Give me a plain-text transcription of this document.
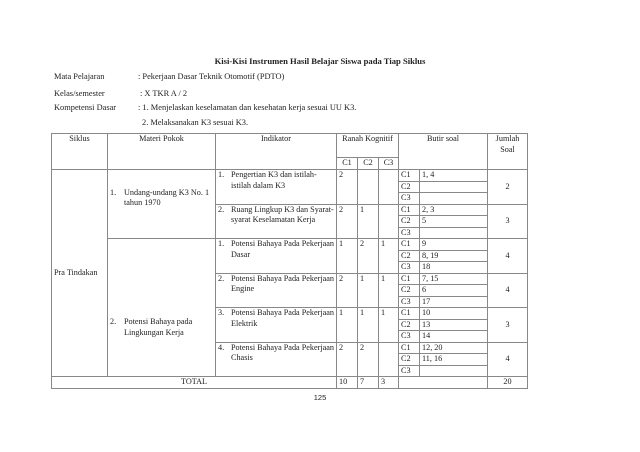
Kisi-Kisi Instrumen Hasil Belajar Siswa pada Tiap Siklus
Mata Pelajaran	: Pekerjaan Dasar Teknik Otomotif (PDTO)
Kelas/semester	: X TKR A / 2
Kompetensi Dasar	: 1. Menjelaskan keselamatan dan kesehatan kerja sesuai UU K3.
2. Melaksanakan K3 sesuai K3.
Siklus	Materi Pokok	Indikator	Ranah Kognitif			Butir soal		Jumlah Soal
			C1	C2	C3			
Pra Tindakan	1. Undang-undang K3 No. 1 tahun 1970	1. Pengertian K3 dan istilah-istilah dalam K3	2			C1	1, 4	2
						C2		
						C3		

		2. Ruang Lingkup K3 dan Syarat-syarat Keselamatan Kerja	2	1		C1	2, 3	3
						C2	5	
						C3		

	2. Potensi Bahaya pada Lingkungan Kerja	1. Potensi Bahaya Pada Pekerjaan Dasar	1	2	1	C1	9	4
						C2	8, 19	
						C3	18	

		2. Potensi Bahaya Pada Pekerjaan Engine	2	1	1	C1	7, 15	4
						C2	6	
						C3	17	

		3. Potensi Bahaya Pada Pekerjaan Elektrik	1	1	1	C1	10	3
						C2	13	
						C3	14	

		4. Potensi Bahaya Pada Pekerjaan Chasis	2	2		C1	12, 20	4
						C2	11, 16	
						C3		
TOTAL			10	7	3			20
125
